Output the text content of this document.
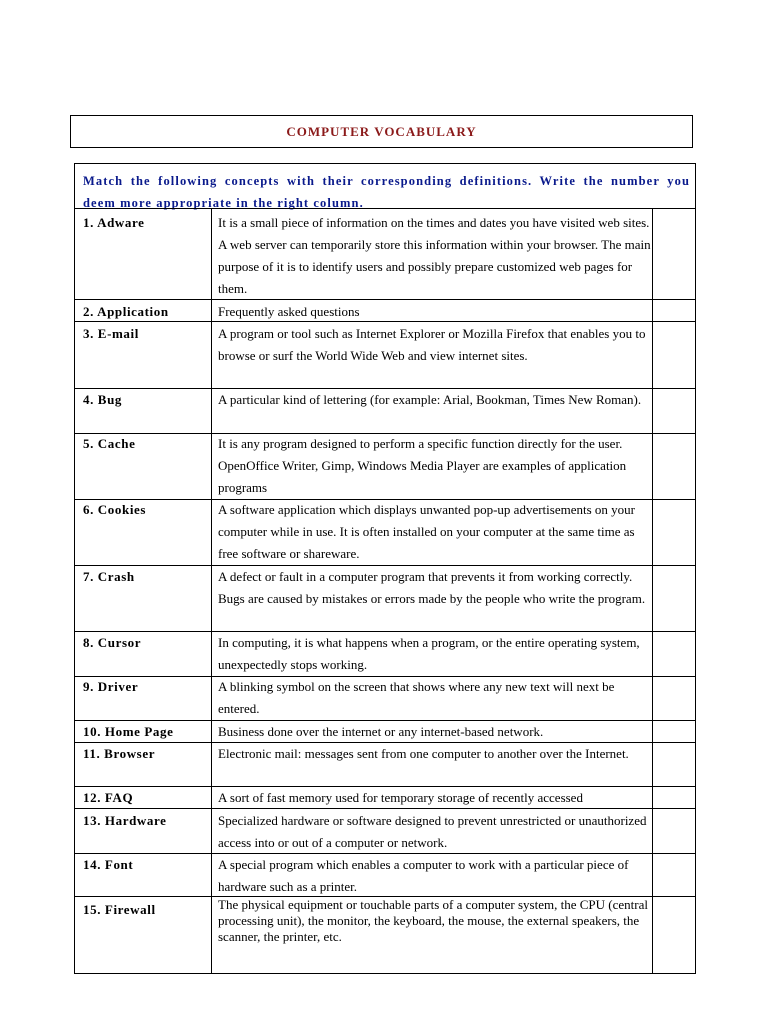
COMPUTER VOCABULARY
Match the following concepts with their corresponding definitions. Write the number you deem more appropriate in the right column.
1. Adware	It is a small piece of information on the times and dates you have visited web sites. A web server can temporarily store this information within your browser. The main purpose of it is to identify users and possibly prepare customized web pages for them.
2. Application	Frequently asked questions
3. E-mail	A program or tool such as Internet Explorer or Mozilla Firefox that enables you to browse or surf the World Wide Web and view internet sites.
4. Bug	A particular kind of lettering (for example: Arial, Bookman, Times New Roman).
5. Cache	It is any program designed to perform a specific function directly for the user. OpenOffice Writer, Gimp, Windows Media Player are examples of application programs
6. Cookies	A software application which displays unwanted pop-up advertisements on your computer while in use. It is often installed on your computer at the same time as free software or shareware.
7. Crash	A defect or fault in a computer program that prevents it from working correctly. Bugs are caused by mistakes or errors made by the people who write the program.
8. Cursor	In computing, it is what happens when a program, or the entire operating system, unexpectedly stops working.
9. Driver	A blinking symbol on the screen that shows where any new text will next be entered.
10. Home Page	Business done over the internet or any internet-based network.
11. Browser	Electronic mail: messages sent from one computer to another over the Internet.
12. FAQ	A sort of fast memory used for temporary storage of recently accessed
13. Hardware	Specialized hardware or software designed to prevent unrestricted or unauthorized access into or out of a computer or network.
14. Font	A special program which enables a computer to work with a particular piece of hardware such as a printer.
15. Firewall	The physical equipment or touchable parts of a computer system, the CPU (central processing unit), the monitor, the keyboard, the mouse, the external speakers, the scanner, the printer, etc.
